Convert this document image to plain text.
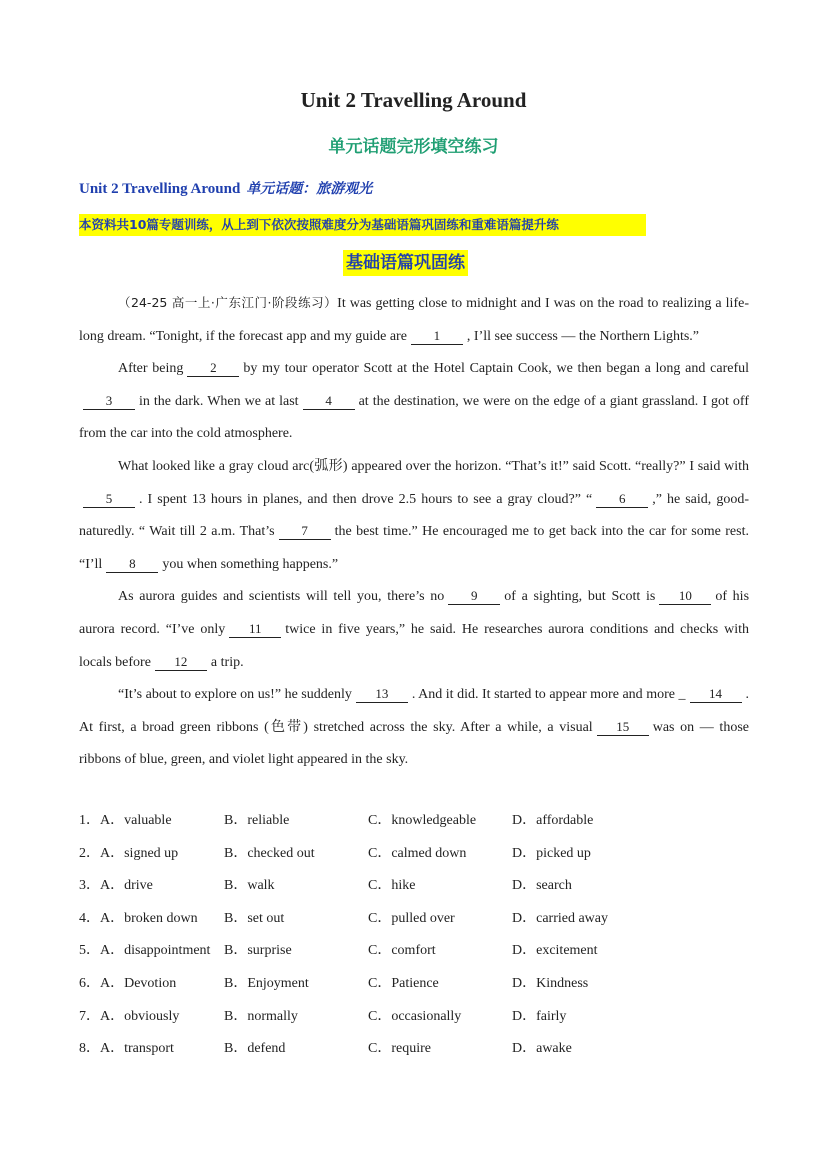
Unit 2 Travelling Around
单元话题完形填空练习
Unit 2 Travelling Around 单元话题：旅游观光
本资料共10篇专题训练，从上到下依次按照难度分为基础语篇巩固练和重难语篇提升练
基础语篇巩固练

（24-25 高一上·广东江门·阶段练习）It was getting close to midnight and I was on the road to realizing a life-long dream. “Tonight, if the forecast app and my guide are 1 , I’ll see success — the Northern Lights.”

After being 2 by my tour operator Scott at the Hotel Captain Cook, we then began a long and careful3 in the dark. When we at last 4 at the destination, we were on the edge of a giant grassland. I got off from the car into the cold atmosphere.

What looked like a gray cloud arc(弧形) appeared over the horizon. “That’s it!” said Scott. “really?” I said with5 . I spent 13 hours in planes, and then drove 2.5 hours to see a gray cloud?” “ 6 ,” he said, good-naturedly. “ Wait till 2 a.m. That’s 7 the best time.” He encouraged me to get back into the car for some rest. “I’ll 8 you when something happens.”

As aurora guides and scientists will tell you, there’s no 9 of a sighting, but Scott is 10 of his aurora record. “I’ve only 11 twice in five years,” he said. He researches aurora conditions and checks with locals before 12 a trip.

“It’s about to explore on us!” he suddenly 13 . And it did. It started to appear more and more _ 14 . At first, a broad green ribbons (色带) stretched across the sky. After a while, a visual 15 was on — those ribbons of blue, green, and violet light appeared in the sky.

1．A．valuable	B．reliable	C．knowledgeable	D．affordable
2．A．signed up	B．checked out	C．calmed down	D．picked up
3．A．drive	B．walk	C．hike	D．search
4．A．broken down B．set out	C．pulled over	D．carried away
5．A．disappointment B．surprise	C．comfort	D．excitement
6．A．Devotion	B．Enjoyment	C．Patience	D．Kindness
7．A．obviously	B．normally	C．occasionally	D．fairly
8．A．transport	B．defend	C．require	D．awake
